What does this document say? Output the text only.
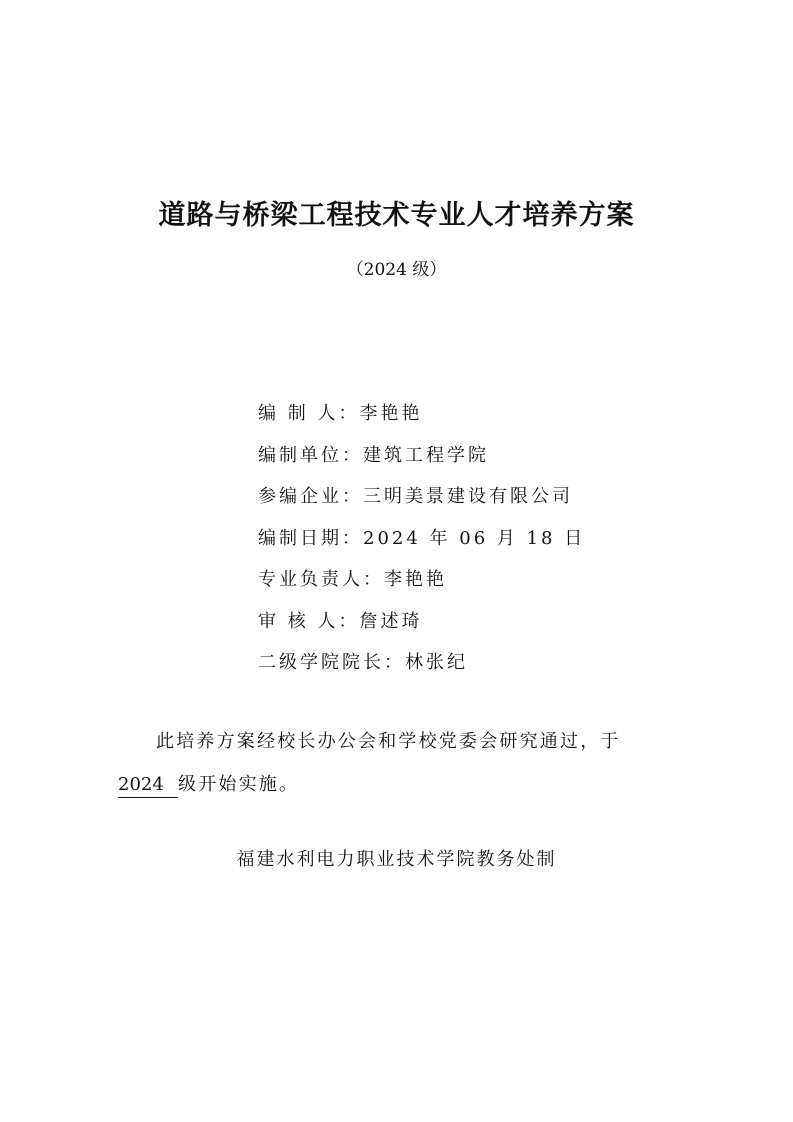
道路与桥梁工程技术专业人才培养方案
（2024 级）
编 制 人：李艳艳
编制单位：建筑工程学院
参编企业：三明美景建设有限公司
编制日期：2024 年 06 月 18 日
专业负责人：李艳艳
审 核 人：詹述琦
二级学院院长：林张纪
此培养方案经校长办公会和学校党委会研究通过，于
2024 级开始实施。
福建水利电力职业技术学院教务处制
